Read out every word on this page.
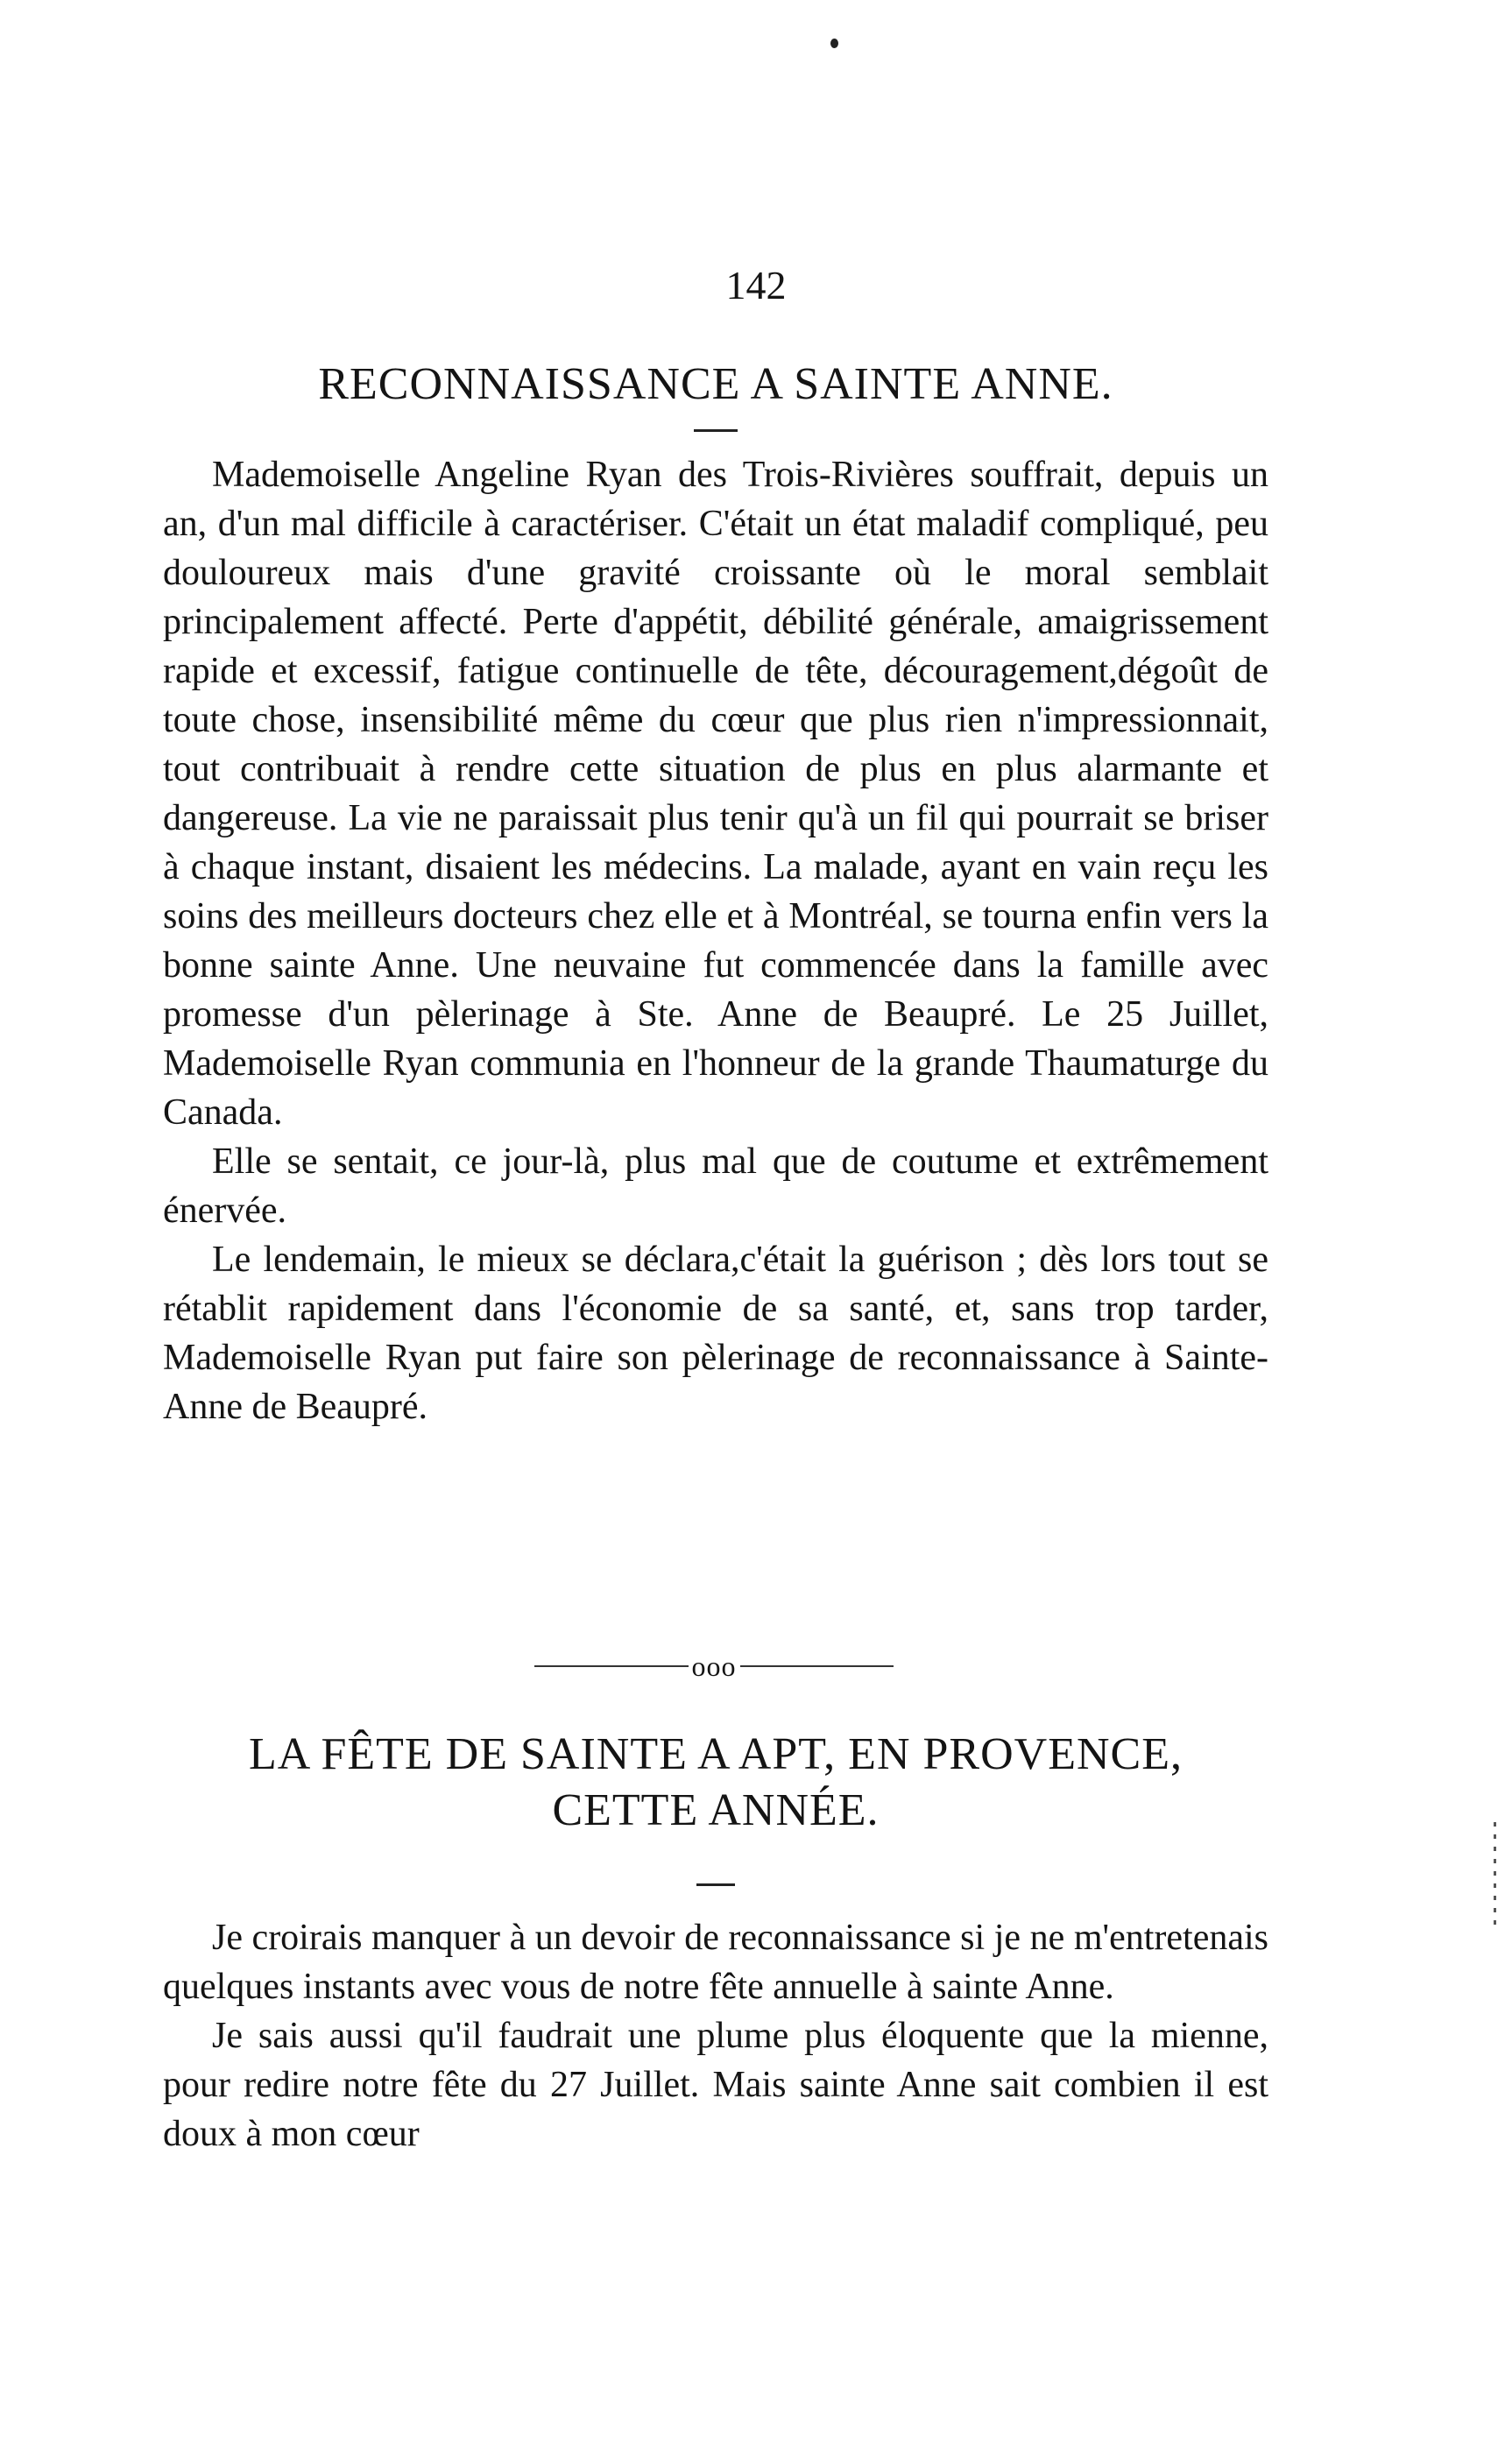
142
RECONNAISSANCE A SAINTE ANNE.

Mademoiselle Angeline Ryan des Trois-Rivières souffrait, depuis un an, d'un mal difficile à caractériser. C'était un état maladif compliqué, peu douloureux mais d'une gravité croissante où le moral semblait principalement affecté. Perte d'appétit, débilité générale, amaigrissement rapide et excessif, fatigue continuelle de tête, découragement,dégoût de toute chose, insensibilité même du cœur que plus rien n'impressionnait, tout contribuait à rendre cette situation de plus en plus alarmante et dangereuse. La vie ne paraissait plus tenir qu'à un fil qui pourrait se briser à chaque instant, disaient les médecins. La malade, ayant en vain reçu les soins des meilleurs docteurs chez elle et à Montréal, se tourna enfin vers la bonne sainte Anne. Une neuvaine fut commencée dans la famille avec promesse d'un pèlerinage à Ste. Anne de Beaupré. Le 25 Juillet, Mademoiselle Ryan communia en l'honneur de la grande Thaumaturge du Canada.

Elle se sentait, ce jour-là, plus mal que de coutume et extrêmement énervée.

Le lendemain, le mieux se déclara,c'était la guérison ; dès lors tout se rétablit rapidement dans l'économie de sa santé, et, sans trop tarder, Mademoiselle Ryan put faire son pèlerinage de reconnaissance à Sainte-Anne de Beaupré.

ooo
LA FÊTE DE SAINTE A APT, EN PROVENCE,
CETTE ANNÉE.

Je croirais manquer à un devoir de reconnaissance si je ne m'entretenais quelques instants avec vous de notre fête annuelle à sainte Anne.

Je sais aussi qu'il faudrait une plume plus éloquente que la mienne, pour redire notre fête du 27 Juillet. Mais sainte Anne sait combien il est doux à mon cœur
